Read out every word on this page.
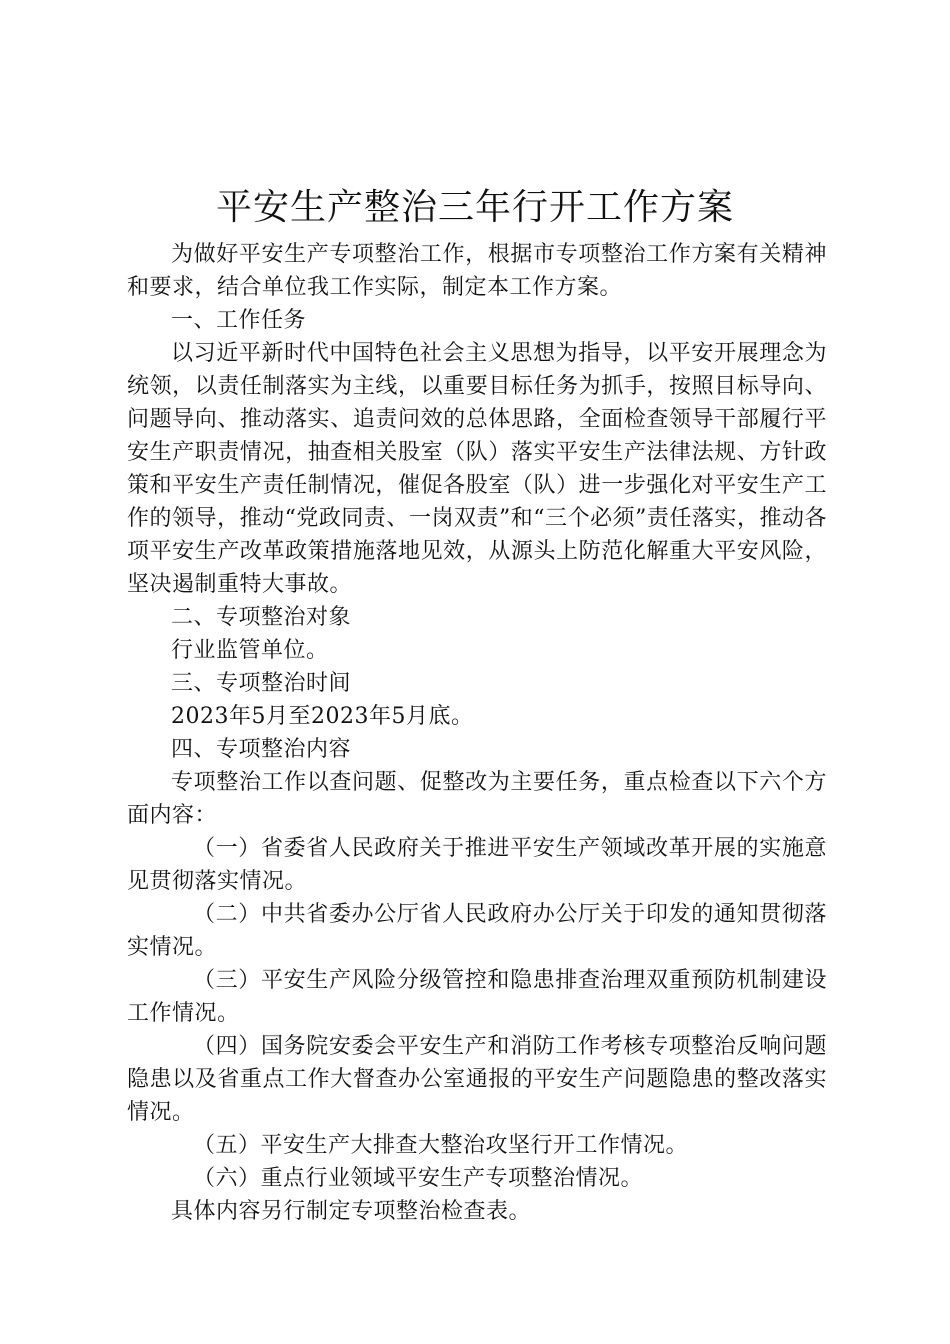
平安生产整治三年行开工作方案

为做好平安生产专项整治工作，根据市专项整治工作方案有关精神和要求，结合单位我工作实际，制定本工作方案。

一、工作任务

以习近平新时代中国特色社会主义思想为指导，以平安开展理念为统领，以责任制落实为主线，以重要目标任务为抓手，按照目标导向、问题导向、推动落实、追责问效的总体思路，全面检查领导干部履行平安生产职责情况，抽查相关股室（队）落实平安生产法律法规、方针政策和平安生产责任制情况，催促各股室（队）进一步强化对平安生产工作的领导，推动“党政同责、一岗双责”和“三个必须”责任落实，推动各项平安生产改革政策措施落地见效，从源头上防范化解重大平安风险，坚决遏制重特大事故。

二、专项整治对象

行业监管单位。

三、专项整治时间

2023年5月至2023年5月底。

四、专项整治内容

专项整治工作以查问题、促整改为主要任务，重点检查以下六个方面内容：

（一）省委省人民政府关于推进平安生产领域改革开展的实施意见贯彻落实情况。

（二）中共省委办公厅省人民政府办公厅关于印发的通知贯彻落实情况。

（三）平安生产风险分级管控和隐患排查治理双重预防机制建设工作情况。

（四）国务院安委会平安生产和消防工作考核专项整治反响问题隐患以及省重点工作大督查办公室通报的平安生产问题隐患的整改落实情况。

（五）平安生产大排查大整治攻坚行开工作情况。

（六）重点行业领域平安生产专项整治情况。

具体内容另行制定专项整治检查表。
